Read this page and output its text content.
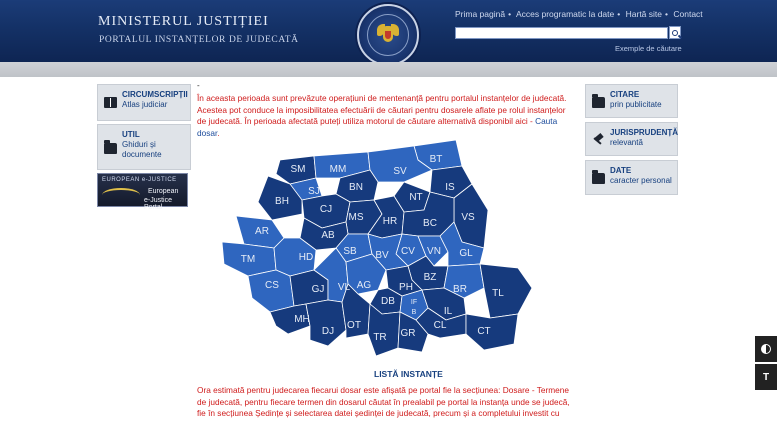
MINISTERUL JUSTIȚIEI
PORTALUL INSTANȚELOR DE JUDECATĂ
Prima pagină • Acces programatic la date • Hartă site • Contact
Exemple de căutare
CIRCUMSCRIPȚII
Atlas judiciar
UTIL
Ghiduri și
documente
EUROPEAN e-JUSTICE
European
e-Justice Portal
CITARE
prin publicitate
JURISPRUDENȚĂ
relevantă
DATE
caracter personal
-
În aceasta perioada sunt prevăzute operațiuni de mentenanță pentru portalul instanțelor de judecată. Acestea pot conduce la imposibilitatea efectuării de căutari pentru dosarele aflate pe rolul instanțelor de judecată. În perioada afectată puteți utiliza motorul de căutare alternativă disponibil aici - Cauta dosar.
SM MM
BT
SV
IS
BH
SJ	BN
CJ
NT
VS
MS HR	BC
AR	AB
SB	CV VN GL
TM	HD	BV
BZ
BR
CS	GJ VL AG	PH
TL
DB IF
B	IL
MH
DJ
OT
TR GR
CL
CT
LISTĂ INSTANȚE
Ora estimată pentru judecarea fiecarui dosar este afișată pe portal fie la secțiunea: Dosare - Termene de judecată, pentru fiecare termen din dosarul căutat în prealabil pe portal la instanța unde se judecă, fie în secțiunea Ședințe și selectarea datei ședinței de judecată, precum și a completului investit cu
T
